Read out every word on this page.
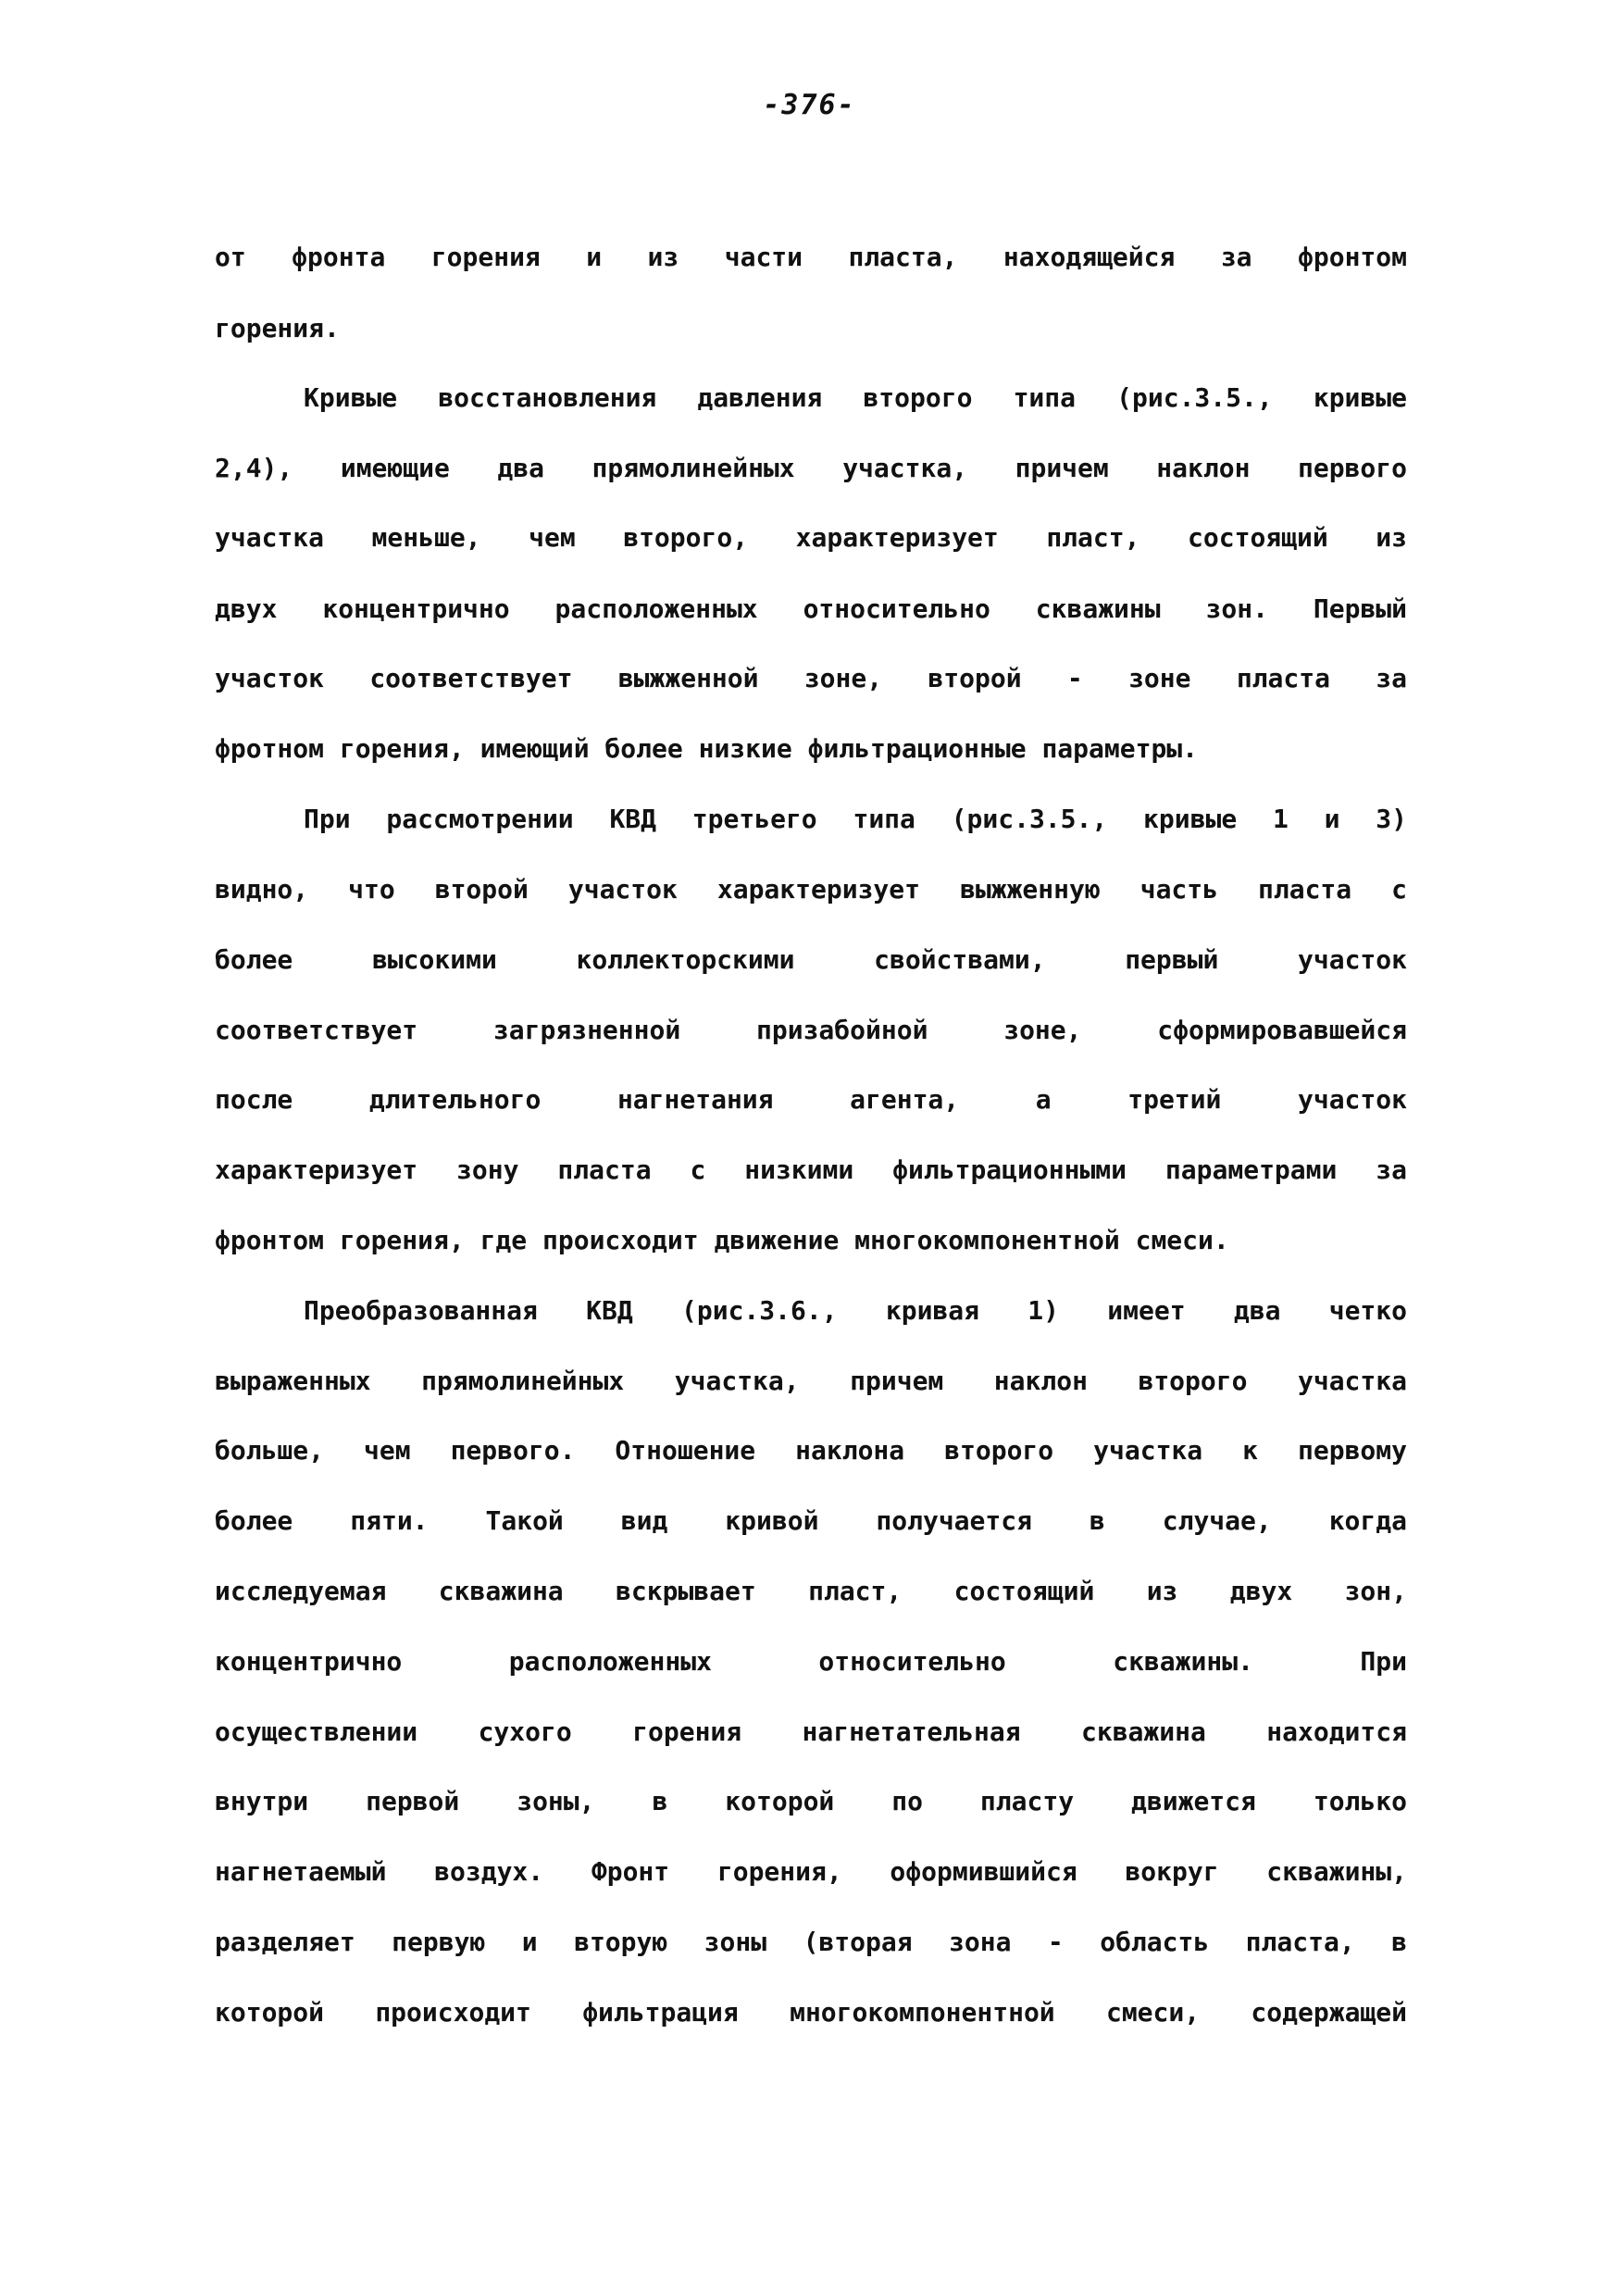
-376-
от фронта горения и из части пласта, находящейся за фронтом
горения.
Кривые восстановления давления второго типа (рис.3.5., кривые
2,4), имеющие два прямолинейных участка, причем наклон первого
участка меньше, чем второго, характеризует пласт, состоящий из
двух концентрично расположенных относительно скважины зон. Первый
участок соответствует выжженной зоне, второй - зоне пласта за
фротном горения, имеющий более низкие фильтрационные параметры.
При рассмотрении КВД третьего типа (рис.3.5., кривые 1 и 3)
видно, что второй участок характеризует выжженную часть пласта с
более высокими коллекторскими свойствами, первый участок
соответствует загрязненной призабойной зоне, сформировавшейся
после длительного нагнетания агента, а третий участок
характеризует зону пласта с низкими фильтрационными параметрами за
фронтом горения, где происходит движение многокомпонентной смеси.
Преобразованная КВД (рис.3.6., кривая 1) имеет два четко
выраженных прямолинейных участка, причем наклон второго участка
больше, чем первого. Отношение наклона второго участка к первому
более пяти. Такой вид кривой получается в случае, когда
исследуемая скважина вскрывает пласт, состоящий из двух зон,
концентрично расположенных относительно скважины. При
осуществлении сухого горения нагнетательная скважина находится
внутри первой зоны, в которой по пласту движется только
нагнетаемый воздух. Фронт горения, оформившийся вокруг скважины,
разделяет первую и вторую зоны (вторая зона - область пласта, в
которой происходит фильтрация многокомпонентной смеси, содержащей
